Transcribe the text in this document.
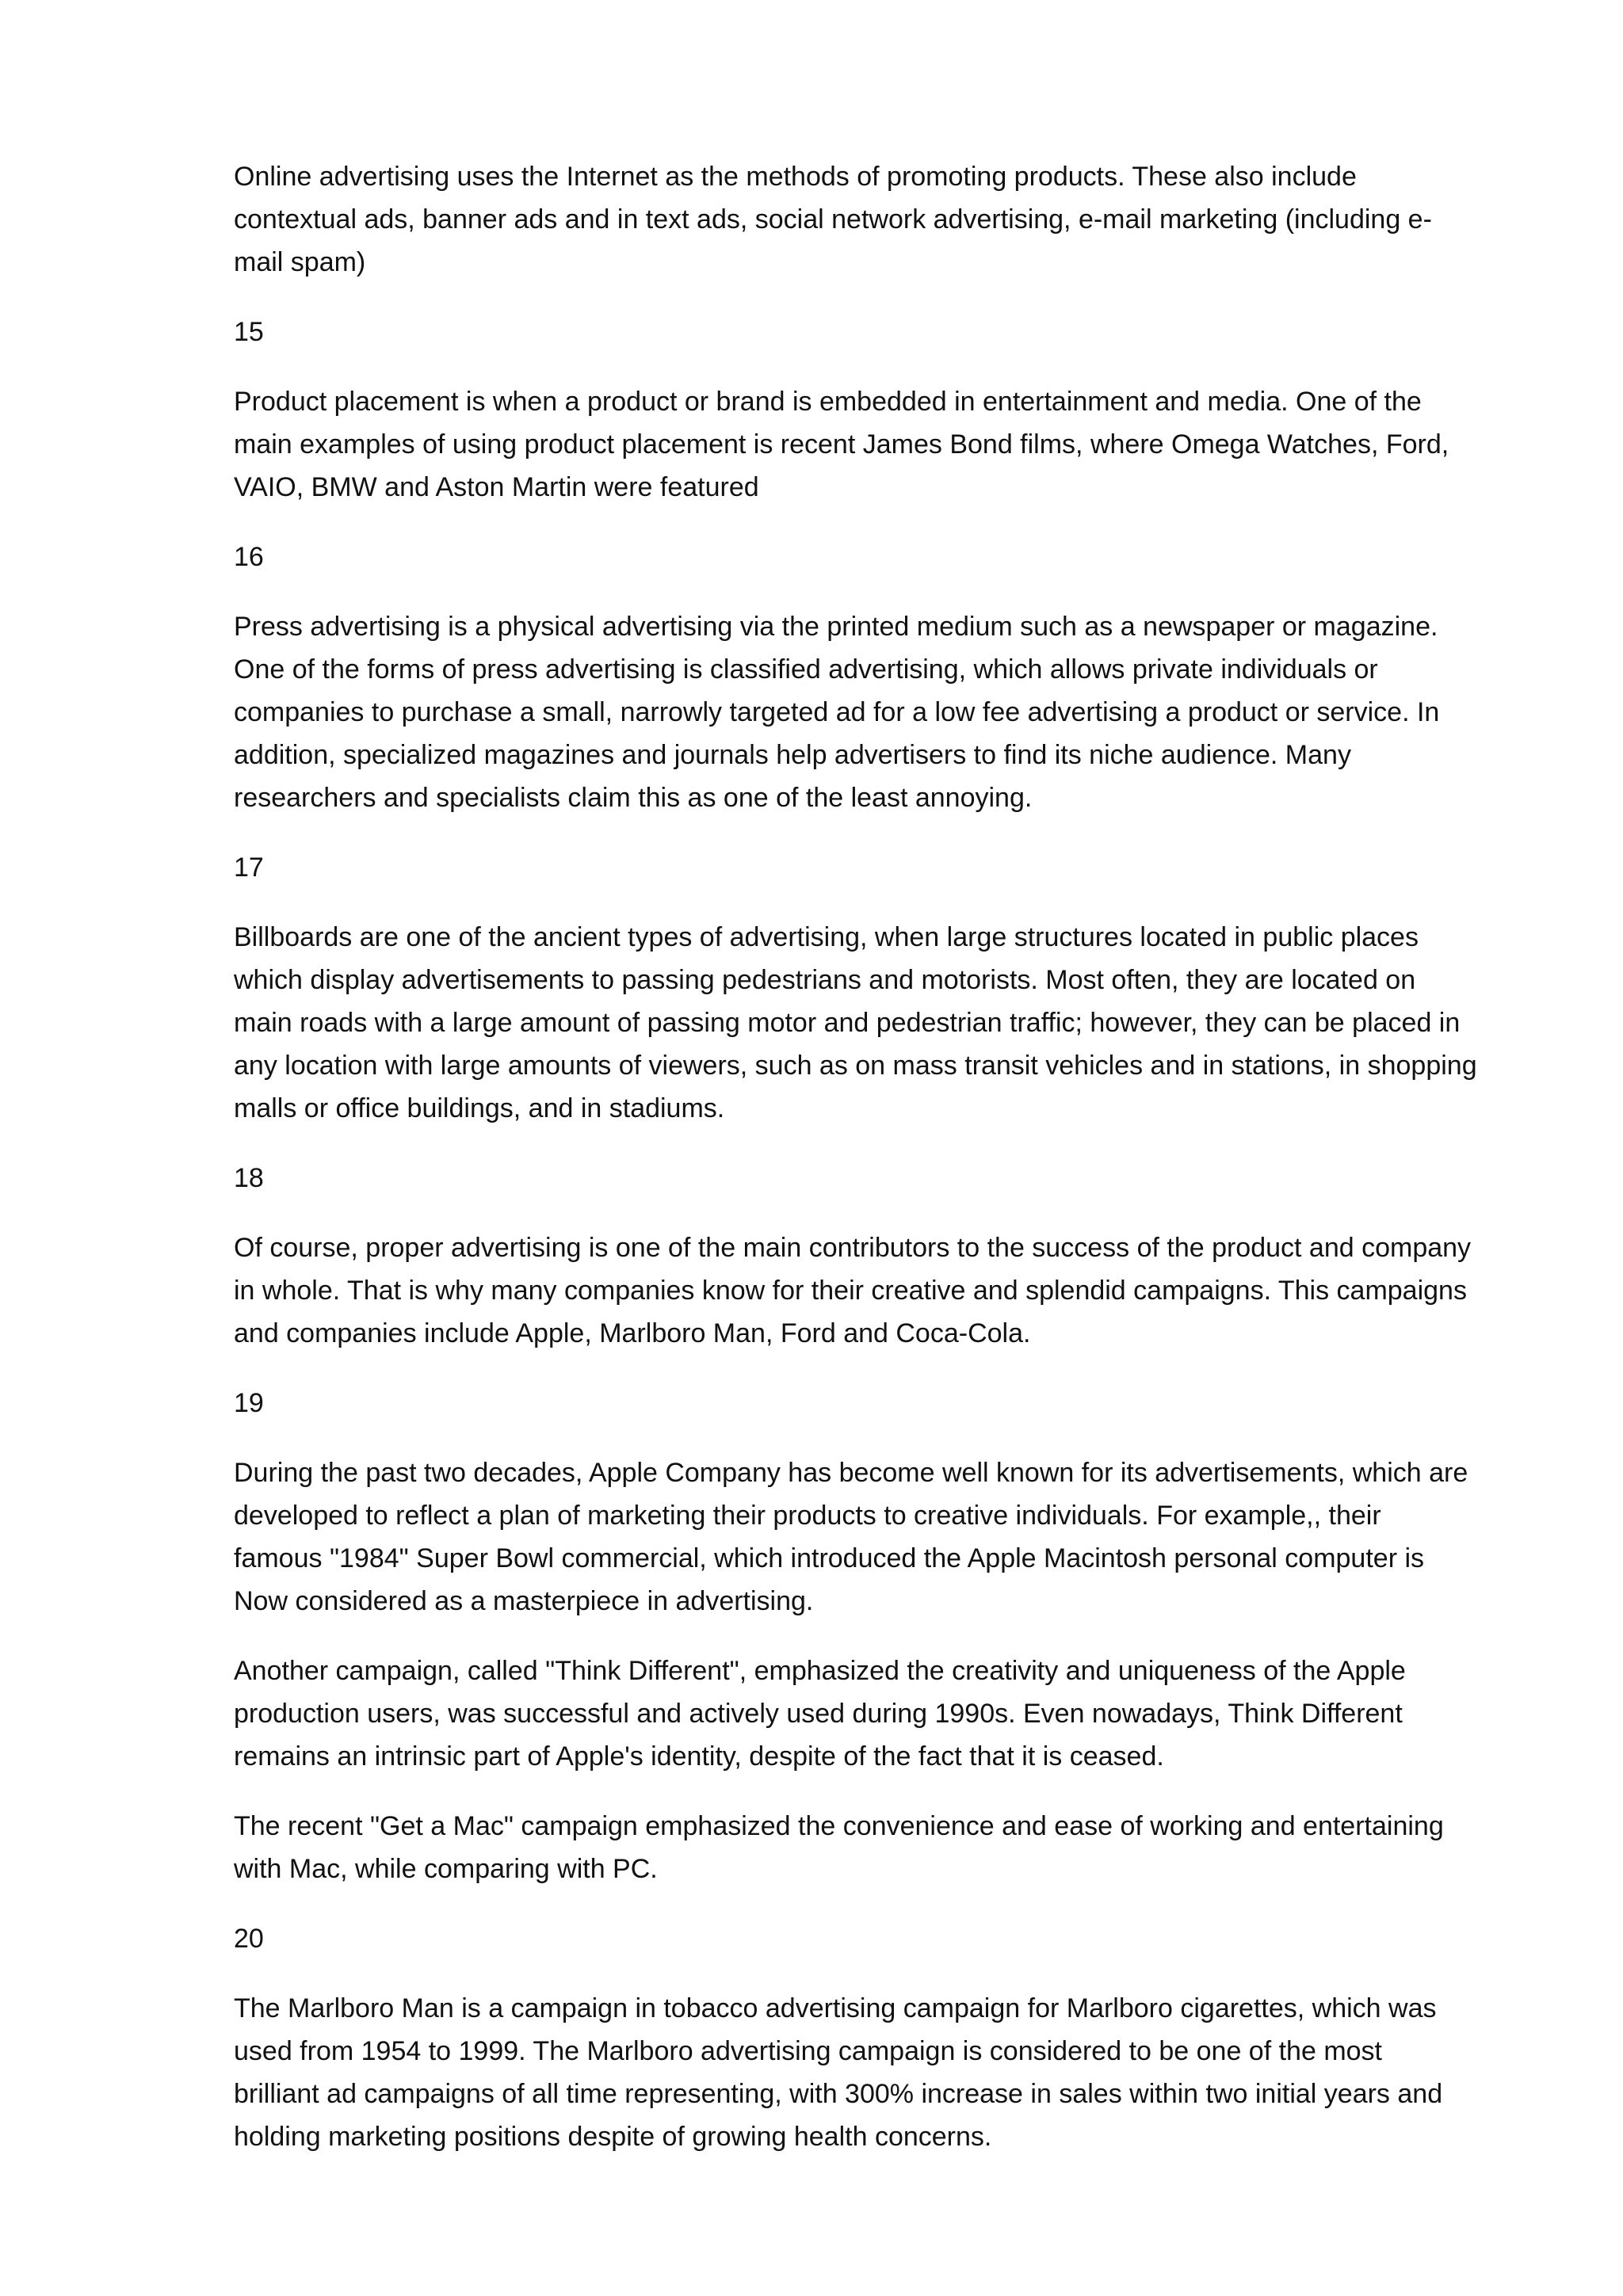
Online advertising uses the Internet as the methods of promoting products. These also include
contextual ads, banner ads and in text ads, social network advertising, e-mail marketing (including e-
mail spam)

15

Product placement is when a product or brand is embedded in entertainment and media. One of the
main examples of using product placement is recent James Bond films, where Omega Watches, Ford,
VAIO, BMW and Aston Martin were featured

16

Press advertising is a physical advertising via the printed medium such as a newspaper or magazine.
One of the forms of press advertising is classified advertising, which allows private individuals or
companies to purchase a small, narrowly targeted ad for a low fee advertising a product or service. In
addition, specialized magazines and journals help advertisers to find its niche audience. Many
researchers and specialists claim this as one of the least annoying.

17

Billboards are one of the ancient types of advertising, when large structures located in public places
which display advertisements to passing pedestrians and motorists. Most often, they are located on
main roads with a large amount of passing motor and pedestrian traffic; however, they can be placed in
any location with large amounts of viewers, such as on mass transit vehicles and in stations, in shopping
malls or office buildings, and in stadiums.

18

Of course, proper advertising is one of the main contributors to the success of the product and company
in whole. That is why many companies know for their creative and splendid campaigns. This campaigns
and companies include Apple, Marlboro Man, Ford and Coca-Cola.

19

During the past two decades, Apple Company has become well known for its advertisements, which are
developed to reflect a plan of marketing their products to creative individuals. For example,, their
famous "1984" Super Bowl commercial, which introduced the Apple Macintosh personal computer is
Now considered as a masterpiece in advertising.

Another campaign, called "Think Different", emphasized the creativity and uniqueness of the Apple
production users, was successful and actively used during 1990s. Even nowadays, Think Different
remains an intrinsic part of Apple's identity, despite of the fact that it is ceased.

The recent "Get a Mac" campaign emphasized the convenience and ease of working and entertaining
with Mac, while comparing with PC.

20

The Marlboro Man is a campaign in tobacco advertising campaign for Marlboro cigarettes, which was
used from 1954 to 1999. The Marlboro advertising campaign is considered to be one of the most
brilliant ad campaigns of all time representing, with 300% increase in sales within two initial years and
holding marketing positions despite of growing health concerns.
